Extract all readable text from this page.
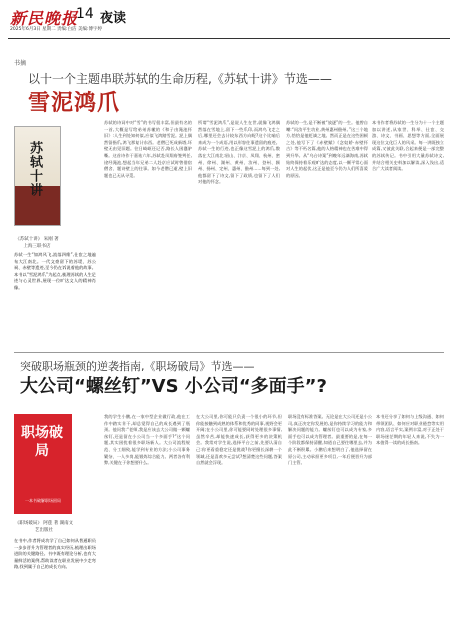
新民晚报
14 夜读
2025年6月3日 星期二 责编:白洁 美编:傅宇婷
书摘
以十一个主题串联苏轼的生命历程,《苏轼十讲》节选——
雪泥鸿爪
苏轼十讲
《苏轼十讲》 朱刚 著 上海三联书店
苏轼一生“如鸿风飞,流落四维”,仕宦之地遍布大江南北。一代文豪留下的苏堤、苏公祠、赤壁等遗迹,至今仍在诉说着他的故事。本书以“雪泥鸿爪”为起点,梳理苏轼的人生足迹与心灵世界,展现一位旷达文人的精神肖像。
苏轼的诗词中对“雪”的书写很丰富,但最有名的一首,大概是写给弟弟苏辙的《和子由渑池怀旧》:人生到处知何似,应似飞鸿踏雪泥。泥上偶然留指爪,鸿飞那复计东西。老僧已死成新塔,坏壁无由见旧题。往日崎岖还记否,路长人困蹇驴嘶。这首诗作于嘉祐六年,苏轼赴凤翔府签判任,途经渑池,想起当年兄弟二人赴京应试时曾借宿僧舍、题诗壁上的往事。如今老僧已逝,壁上旧题也已无从寻觅。
所谓“雪泥鸿爪”,是说人生在世,就像飞鸿偶然落在雪地上,留下一些爪印,而鸿鸟飞走之后,哪里还会去计较东西方向呢?这个比喻后来成为一个成语,用以形容往事遗留的痕迹。苏轼一生的行迹,也正像这雪泥上的鸿爪,散落在大江南北:眉山、汴京、凤翔、杭州、密州、徐州、湖州、黄州、汝州、登州、颍州、扬州、定州、惠州、儋州……每到一处,他都留下了诗文,留下了政绩,也留下了人们对他的怀念。
苏轼的一生,是不断被“放逐”的一生。他曾自嘲:“问汝平生功业,黄州惠州儋州。”这三个地方,恰恰是他贬谪之地。然而正是在这些困顿之处,他写下了《赤壁赋》《念奴娇·赤壁怀古》等不朽名篇,他的人格精神也在苦难中得到升华。从“乌台诗案”到晚年远谪海南,苏轼始终保持着乐观旷达的态度,以一颗平常心面对人生的起伏,这正是他至今仍为人们所喜爱的原因。
本书作者将苏轼的一生分为十一个主题加以讲述,从家世、科举、仕宦、交游、诗文、书画、思想等方面,全面展现这位文化巨人的风采。每一讲既独立成篇,又彼此关联,合起来便是一部完整的苏轼传记。书中引用大量苏轼诗文,并结合相关史料加以解读,深入浅出,适合广大读者阅读。
突破职场瓶颈的逆袭指南,《职场破局》节选——
大公司“螺丝钉”VS 小公司“多面手”?
职场破局
一本书破解职场困局
《职场破局》 阿莲 著 湖南文艺出版社
在书中,作者将成功学了自己如何从普通职员一步步晋升为管理者的真实经历,梳理出职场进阶的关键路径。书中既有理论分析,也有大量鲜活的案例,帮助读者在职业发展中少走弯路,找到属于自己的成长方向。
我的学生小鹏,在一家中型企业做行政,他在工作中踏实肯干,却总觉得自己的成长遇到了瓶颈。他问我:“老师,我是应该去大公司做一颗螺丝钉,还是留在小公司当一个多面手?”这个问题,其实困扰着很多职场新人。大公司流程规范、分工细致,能学到专业的方法;小公司事务繁杂、一人多岗,能锻炼综合能力。两者各有利弊,关键在于你想要什么。
在大公司里,你可能只负责一个很小的环节,但你能接触到成熟的体系和优秀的同事,视野会更开阔;在小公司里,你可能要同时处理很多事情,虽然辛苦,却能快速成长,获得更多的决策机会。我常对学生说,选择平台之前,先要认清自己:你更看重稳定还是挑战?你更擅长深耕一个领域,还是喜欢多元尝试?想清楚这些问题,答案自然就会浮现。
职场没有标准答案。无论是在大公司还是小公司,真正决定你发展的,是你持续学习的能力和解决问题的能力。螺丝钉也可以成为专家,多面手也可以成为管理者。最重要的是,在每一个阶段都保持清醒,知道自己要往哪里去,并为此不断积累。小鹏后来想明白了,他选择留在原公司,主动承担更多项目,一年后便晋升为部门主管。
本书还分享了如何与上级沟通、如何带领团队、如何应对职业倦怠等实用内容,语言平实,案例丰富,对于正处于职场迷茫期的年轻人来说,不失为一本值得一读的成长指南。
